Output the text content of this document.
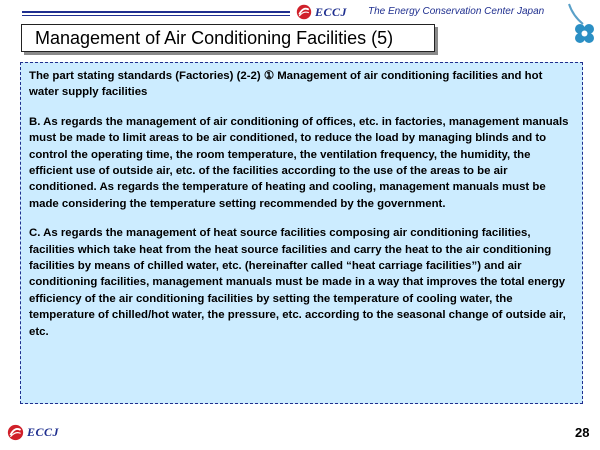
ECCJ The Energy Conservation Center Japan
Management of Air Conditioning Facilities (5)

The part stating standards (Factories) (2-2) ① Management of air conditioning facilities and hot water supply facilities

B. As regards the management of air conditioning of offices, etc. in factories, management manuals must be made to limit areas to be air conditioned, to reduce the load by managing blinds and to control the operating time, the room temperature, the ventilation frequency, the humidity, the efficient use of outside air, etc. of the facilities according to the use of the areas to be air conditioned. As regards the temperature of heating and cooling, management manuals must be made considering the temperature setting recommended by the government.

C. As regards the management of heat source facilities composing air conditioning facilities, facilities which take heat from the heat source facilities and carry the heat to the air conditioning facilities by means of chilled water, etc. (hereinafter called “heat carriage facilities”) and air conditioning facilities, management manuals must be made in a way that improves the total energy efficiency of the air conditioning facilities by setting the temperature of cooling water, the temperature of chilled/hot water, the pressure, etc. according to the seasonal change of outside air, etc.

ECCJ	28
